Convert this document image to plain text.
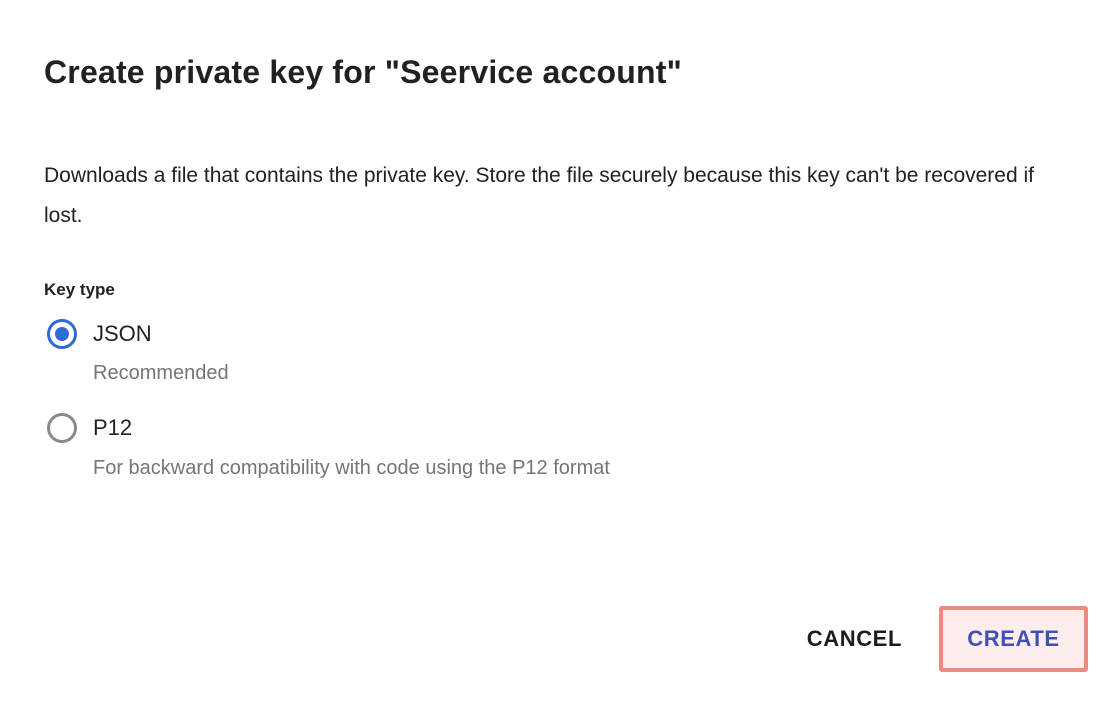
Create private key for "Seervice account"

Downloads a file that contains the private key. Store the file securely because this key can't be recovered if lost.

Key type
JSON
Recommended
P12
For backward compatibility with code using the P12 format
CANCEL	CREATE
